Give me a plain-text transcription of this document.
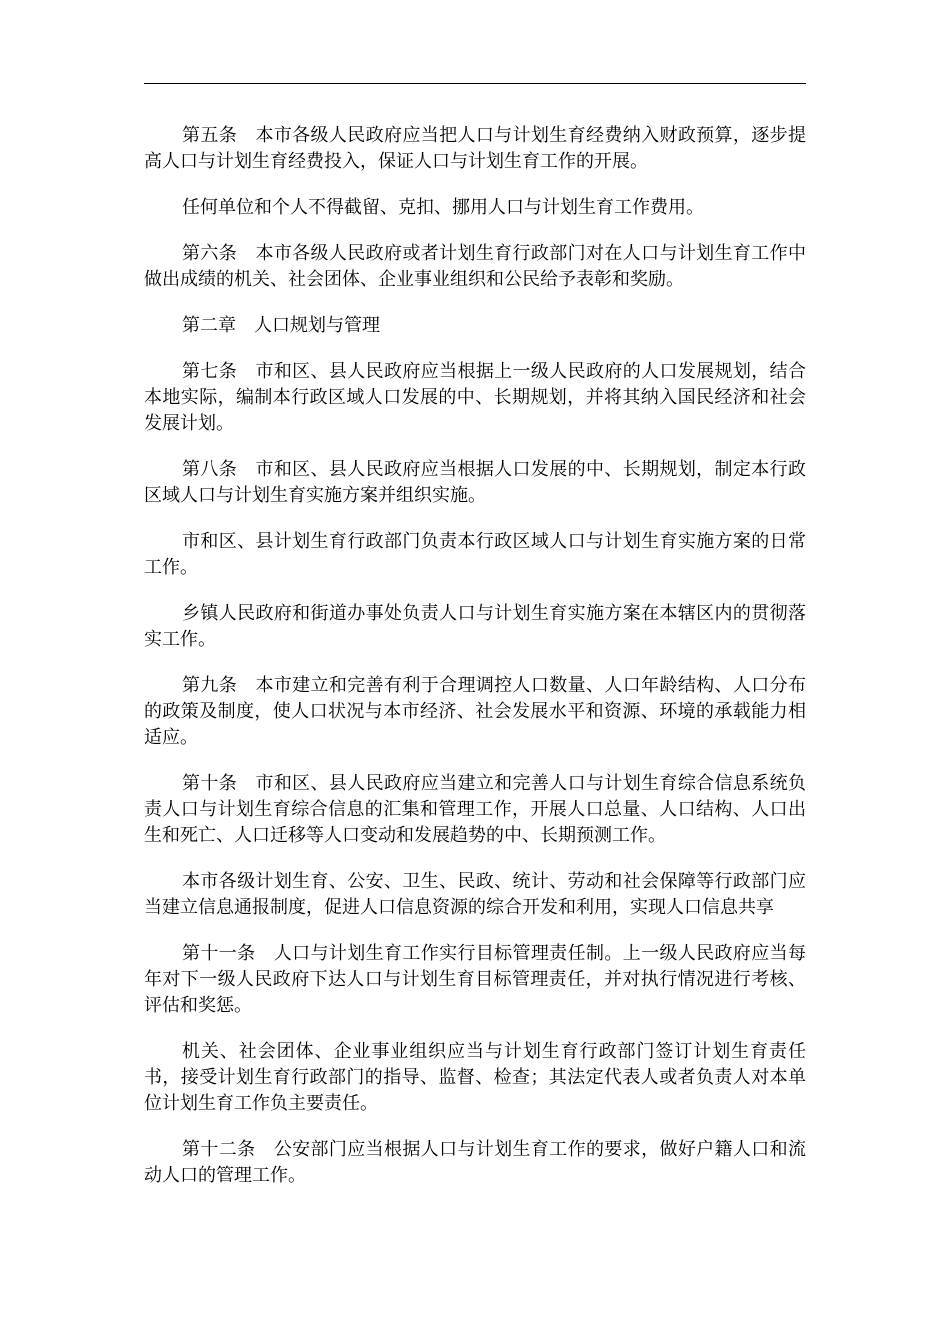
第五条　本市各级人民政府应当把人口与计划生育经费纳入财政预算，逐步提高人口与计划生育经费投入，保证人口与计划生育工作的开展。

任何单位和个人不得截留、克扣、挪用人口与计划生育工作费用。

第六条　本市各级人民政府或者计划生育行政部门对在人口与计划生育工作中做出成绩的机关、社会团体、企业事业组织和公民给予表彰和奖励。

第二章　人口规划与管理

第七条　市和区、县人民政府应当根据上一级人民政府的人口发展规划，结合本地实际，编制本行政区域人口发展的中、长期规划，并将其纳入国民经济和社会发展计划。

第八条　市和区、县人民政府应当根据人口发展的中、长期规划，制定本行政区域人口与计划生育实施方案并组织实施。

市和区、县计划生育行政部门负责本行政区域人口与计划生育实施方案的日常工作。

乡镇人民政府和街道办事处负责人口与计划生育实施方案在本辖区内的贯彻落实工作。

第九条　本市建立和完善有利于合理调控人口数量、人口年龄结构、人口分布的政策及制度，使人口状况与本市经济、社会发展水平和资源、环境的承载能力相适应。

第十条　市和区、县人民政府应当建立和完善人口与计划生育综合信息系统负责人口与计划生育综合信息的汇集和管理工作，开展人口总量、人口结构、人口出生和死亡、人口迁移等人口变动和发展趋势的中、长期预测工作。

本市各级计划生育、公安、卫生、民政、统计、劳动和社会保障等行政部门应当建立信息通报制度，促进人口信息资源的综合开发和利用，实现人口信息共享

第十一条　人口与计划生育工作实行目标管理责任制。上一级人民政府应当每年对下一级人民政府下达人口与计划生育目标管理责任，并对执行情况进行考核、评估和奖惩。

机关、社会团体、企业事业组织应当与计划生育行政部门签订计划生育责任书，接受计划生育行政部门的指导、监督、检查；其法定代表人或者负责人对本单位计划生育工作负主要责任。

第十二条　公安部门应当根据人口与计划生育工作的要求，做好户籍人口和流动人口的管理工作。
